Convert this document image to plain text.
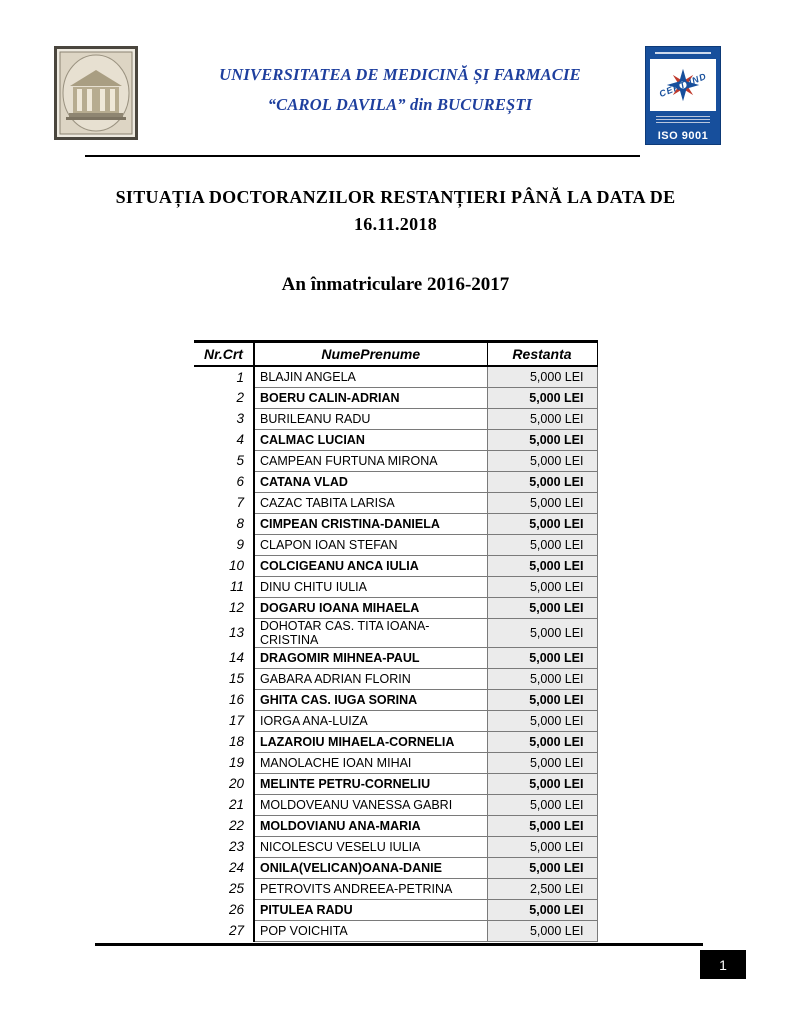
UNIVERSITATEA DE MEDICINĂ ȘI FARMACIE
“CAROL DAVILA” din BUCUREȘTI
CERT IND
ISO 9001
SITUAȚIA DOCTORANZILOR RESTANȚIERI PÂNĂ LA DATA DE
16.11.2018
An înmatriculare 2016-2017
Nr.Crt	NumePrenume	Restanta
1	BLAJIN ANGELA	5,000 LEI
2	BOERU CALIN-ADRIAN	5,000 LEI
3	BURILEANU RADU	5,000 LEI
4	CALMAC LUCIAN	5,000 LEI
5	CAMPEAN FURTUNA MIRONA	5,000 LEI
6	CATANA VLAD	5,000 LEI
7	CAZAC TABITA LARISA	5,000 LEI
8	CIMPEAN CRISTINA-DANIELA	5,000 LEI
9	CLAPON IOAN STEFAN	5,000 LEI
10	COLCIGEANU ANCA IULIA	5,000 LEI
11	DINU CHITU IULIA	5,000 LEI
12	DOGARU IOANA MIHAELA	5,000 LEI
13	DOHOTAR CAS. TITA IOANA-CRISTINA	5,000 LEI
14	DRAGOMIR MIHNEA-PAUL	5,000 LEI
15	GABARA ADRIAN FLORIN	5,000 LEI
16	GHITA CAS. IUGA SORINA	5,000 LEI
17	IORGA ANA-LUIZA	5,000 LEI
18	LAZAROIU MIHAELA-CORNELIA	5,000 LEI
19	MANOLACHE IOAN MIHAI	5,000 LEI
20	MELINTE PETRU-CORNELIU	5,000 LEI
21	MOLDOVEANU VANESSA GABRI	5,000 LEI
22	MOLDOVIANU ANA-MARIA	5,000 LEI
23	NICOLESCU VESELU IULIA	5,000 LEI
24	ONILA(VELICAN)OANA-DANIE	5,000 LEI
25	PETROVITS ANDREEA-PETRINA	2,500 LEI
26	PITULEA RADU	5,000 LEI
27	POP VOICHITA	5,000 LEI
1
